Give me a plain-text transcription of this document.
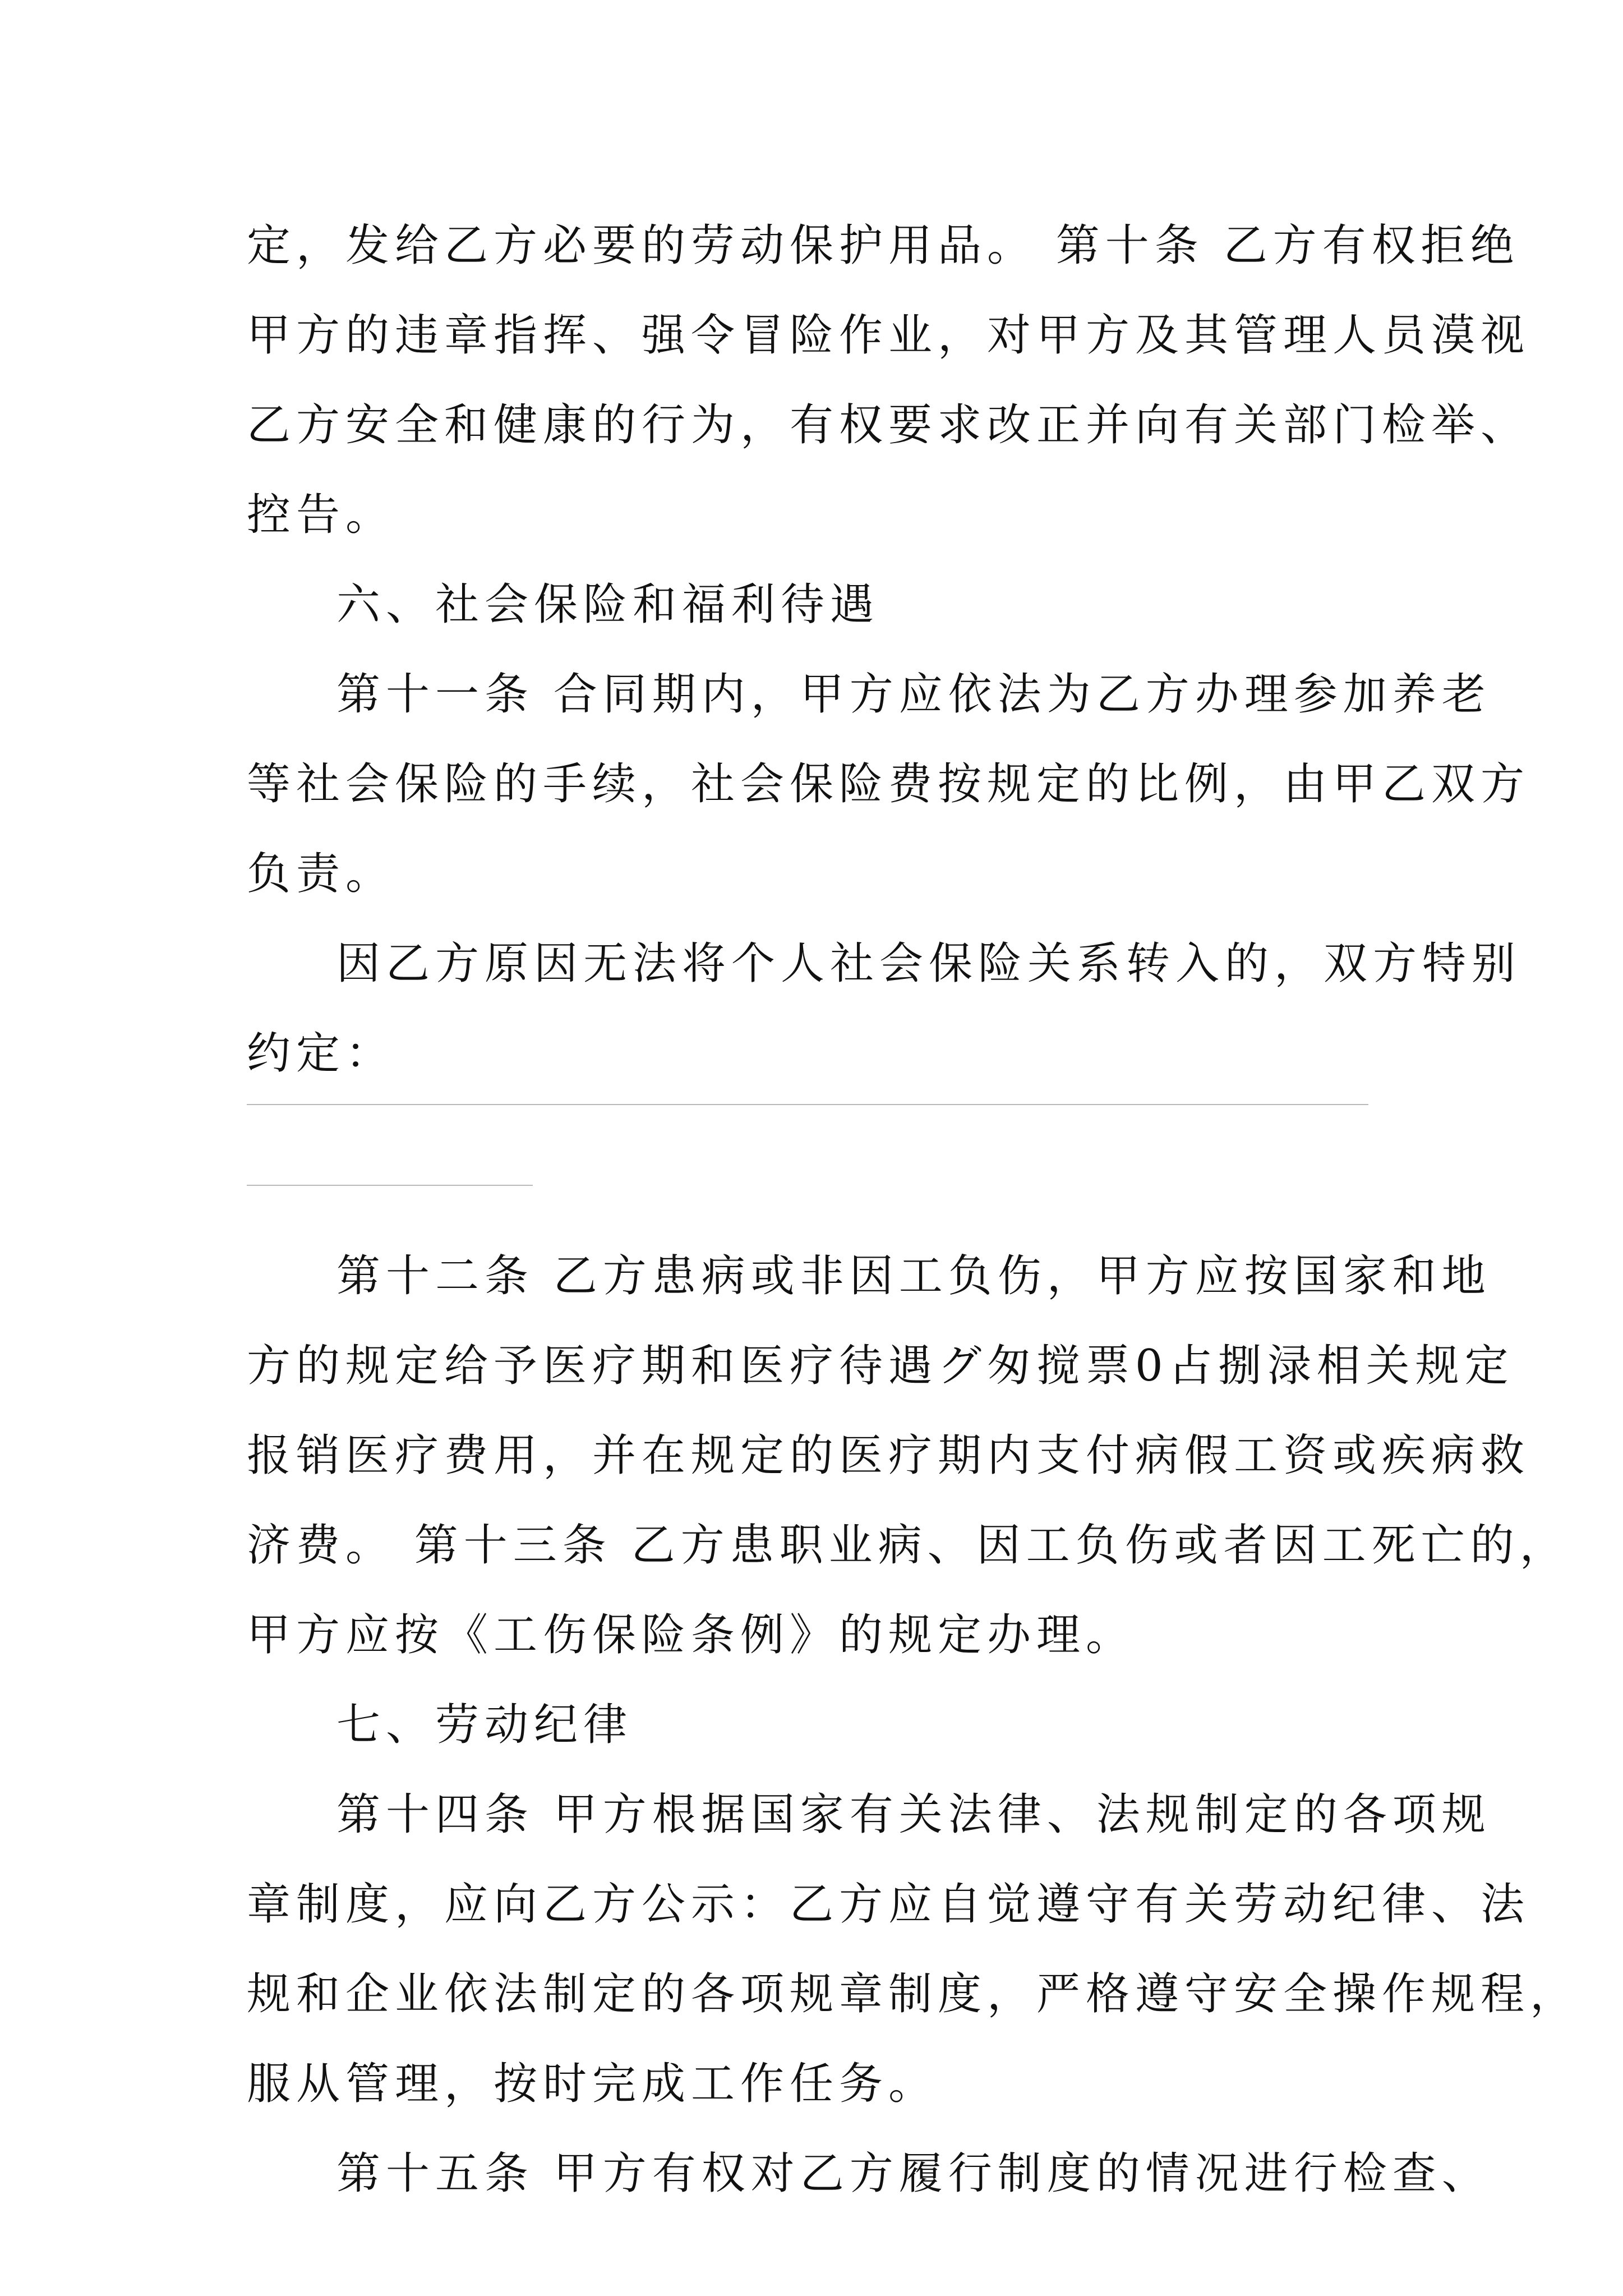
定，发给乙方必要的劳动保护用品。 第十条 乙方有权拒绝

甲方的违章指挥、强令冒险作业，对甲方及其管理人员漠视

乙方安全和健康的行为，有权要求改正并向有关部门检举、

控告。

六、社会保险和福利待遇

第十一条 合同期内，甲方应依法为乙方办理参加养老

等社会保险的手续，社会保险费按规定的比例，由甲乙双方

负责。

因乙方原因无法将个人社会保险关系转入的，双方特别

约定：

第十二条 乙方患病或非因工负伤，甲方应按国家和地

方的规定给予医疗期和医疗待遇グ匆搅票0占捌渌相关规定

报销医疗费用，并在规定的医疗期内支付病假工资或疾病救

济费。 第十三条 乙方患职业病、因工负伤或者因工死亡的，

甲方应按《工伤保险条例》的规定办理。

七、劳动纪律

第十四条 甲方根据国家有关法律、法规制定的各项规

章制度，应向乙方公示：乙方应自觉遵守有关劳动纪律、法

规和企业依法制定的各项规章制度，严格遵守安全操作规程，

服从管理，按时完成工作任务。

第十五条 甲方有权对乙方履行制度的情况进行检查、
